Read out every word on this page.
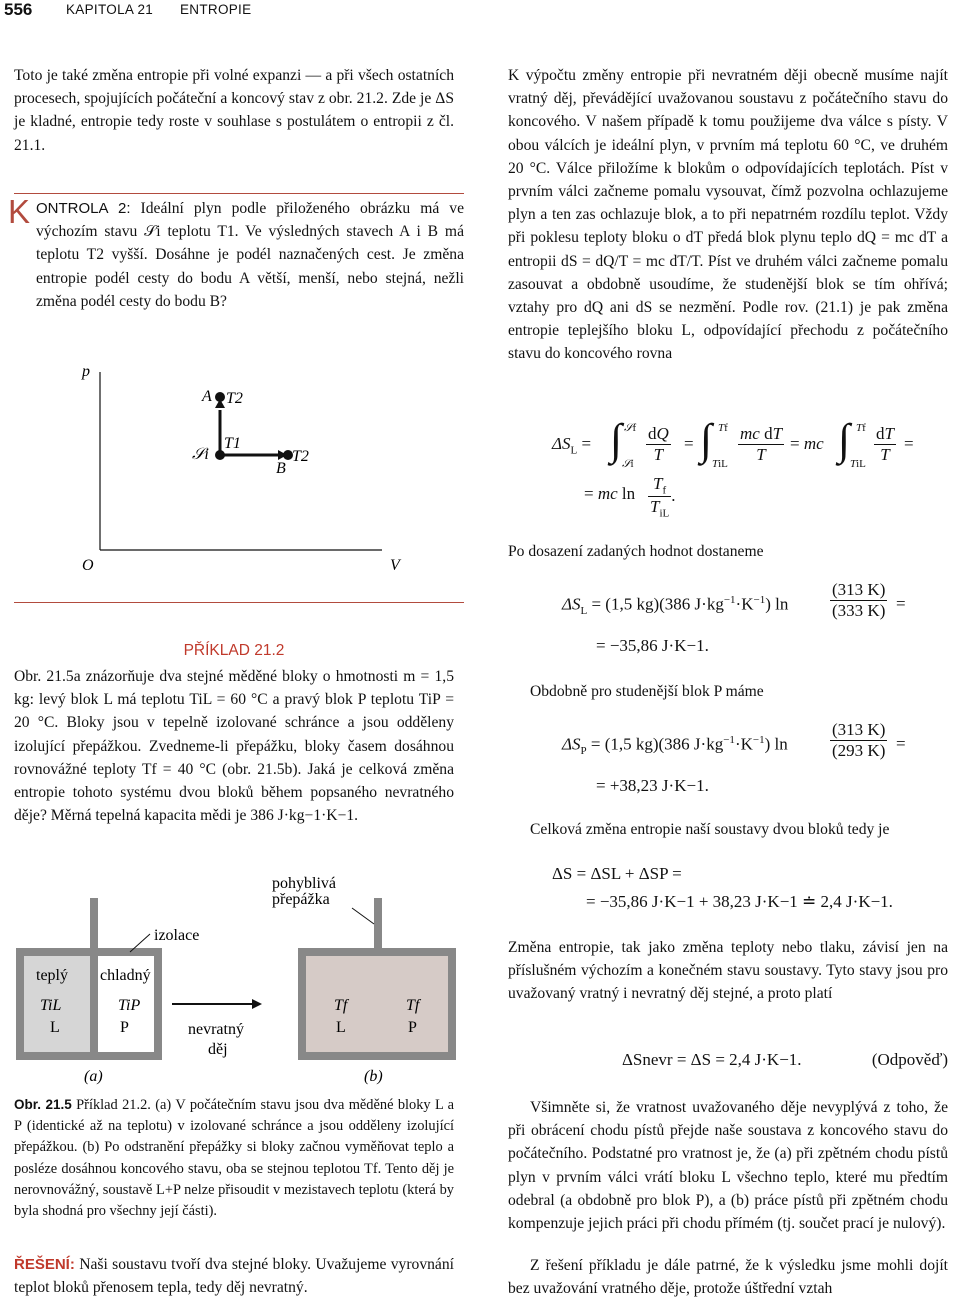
556 KAPITOLA 21 ENTROPIE
Toto je také změna entropie při volné expanzi — a při všech ostatních procesech, spojujících počáteční a koncový stav z obr. 21.2. Zde je ΔS je kladné, entropie tedy roste v souhlase s postulátem o entropii z čl. 21.1.
K ONTROLA 2: Ideální plyn podle přiloženého obrázku má ve výchozím stavu 𝒮i teplotu T1. Ve výsledných stavech A i B má teplotu T2 vyšší. Dosáhne je podél naznačených cest. Je změna entropie podél cesty do bodu A větší, menší, nebo stejná, nežli změna podél cesty do bodu B?
p
O	V
A T2
𝒮i
T1
B
T2
PŘÍKLAD 21.2
Obr. 21.5a znázorňuje dva stejné měděné bloky o hmotnosti m = 1,5 kg: levý blok L má teplotu TiL = 60 °C a pravý blok P teplotu TiP = 20 °C. Bloky jsou v tepelně izolované schránce a jsou odděleny izolující přepážkou. Zvedneme-li přepážku, bloky časem dosáhnou rovnovážné teploty Tf = 40 °C (obr. 21.5b). Jaká je celková změna entropie tohoto systému dvou bloků během popsaného nevratného děje? Měrná tepelná kapacita mědi je 386 J·kg−1·K−1.
teplý chladný
TiL	TiP
L	P
(a)
izolace
nevratný
děj
pohyblivá
přepážka
Tf	Tf
L	P
(b)
Obr. 21.5 Příklad 21.2. (a) V počátečním stavu jsou dva měděné bloky L a P (identické až na teplotu) v izolované schránce a jsou odděleny izolující přepážkou. (b) Po odstranění přepážky si bloky začnou vyměňovat teplo a posléze dosáhnou koncového stavu, oba se stejnou teplotou Tf. Tento děj je nerovnovážný, soustavě L+P nelze přisoudit v mezistavech teplotu (která by byla shodná pro všechny její části).
ŘEŠENÍ: Naši soustavu tvoří dva stejné bloky. Uvažujeme vyrovnání teplot bloků přenosem tepla, tedy děj nevratný.
K výpočtu změny entropie při nevratném ději obecně musíme najít vratný děj, převádějící uvažovanou soustavu z počátečního stavu do koncového. V našem případě k tomu použijeme dva válce s písty. V obou válcích je ideální plyn, v prvním má teplotu 60 °C, ve druhém 20 °C. Válce přiložíme k blokům o odpovídajících teplotách. Píst v prvním válci začneme pomalu vysouvat, čímž pozvolna ochlazujeme plyn a ten zas ochlazuje blok, a to při nepatrném rozdílu teplot. Vždy při poklesu teploty bloku o dT předá blok plynu teplo dQ = mc dT a entropii dS = dQ/T = mc dT/T. Píst ve druhém válci začneme pomalu zasouvat a obdobně usoudíme, že studenější blok se tím ohřívá; vztahy pro dQ ani dS se nezmění. Podle rov. (21.1) je pak změna entropie teplejšího bloku L, odpovídající přechodu z počátečního stavu do koncového rovna
$\Delta S_L$ = ∫ 𝒮f
𝒮i $\frac{dQ}{T}$ = ∫ Tf
TiL $\frac{\text{mc dT}}{T}$ = mc ∫ Tf
TiL $\frac{dT}{T}$ =
= mc $\ln \frac{T_f}{T_{iL}}$ .
Po dosazení zadaných hodnot dostaneme
$\Delta S_L = (1,5$ kg)(386 $J\cdot kg^{-1}\cdot K^{-1}$) $\ln \frac{(313 K)}{(333 K)}$ =
= −35,86 J·K−1.
Obdobně pro studenější blok P máme
$\Delta S_P = (1,5$ kg)(386 $J\cdot kg^{-1}\cdot K^{-1}$) $\ln \frac{(313 K)}{(293 K)}$ =
= +38,23 J·K−1.
Celková změna entropie naší soustavy dvou bloků tedy je
ΔS = ΔSL + ΔSP =
= −35,86 J·K−1 + 38,23 J·K−1 ≐ 2,4 J·K−1.
Změna entropie, tak jako změna teploty nebo tlaku, závisí jen na příslušném výchozím a konečném stavu soustavy. Tyto stavy jsou pro uvažovaný vratný i nevratný děj stejné, a proto platí
ΔSnevr = ΔS = 2,4 J·K−1.	(Odpověď)
Všimněte si, že vratnost uvažovaného děje nevyplývá z toho, že při obrácení chodu pístů přejde naše soustava z koncového stavu do počátečního. Podstatné pro vratnost je, že (a) při zpětném chodu pístů plyn v prvním válci vrátí bloku L všechno teplo, které mu předtím odebral (a obdobně pro blok P), a (b) práce pístů při zpětném chodu kompenzuje jejich práci při chodu přímém (tj. součet prací je nulový).
Z řešení příkladu je dále patrné, že k výsledku jsme mohli dojít bez uvažování vratného děje, protože úštřední vztah
